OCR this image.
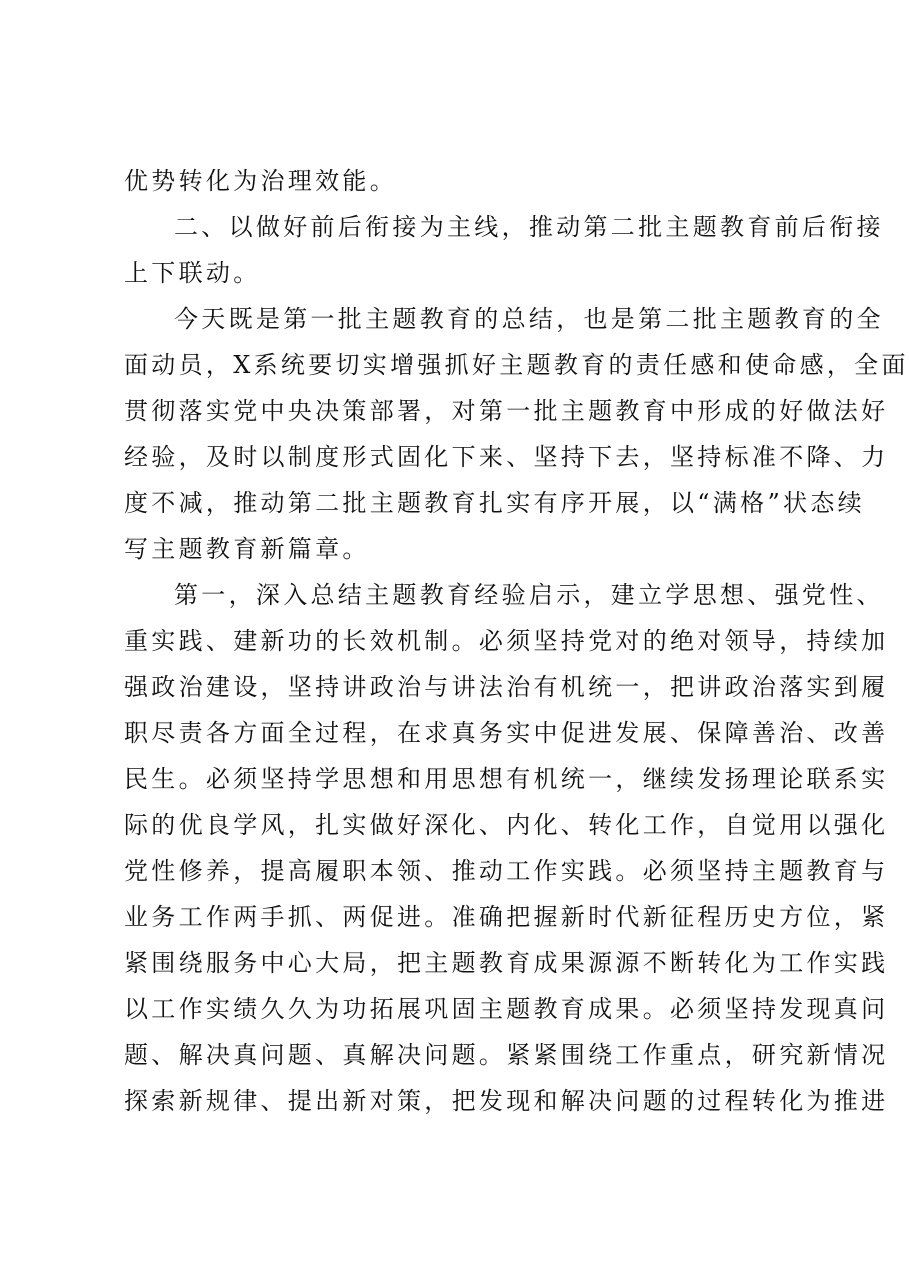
优势转化为治理效能。
二、以做好前后衔接为主线，推动第二批主题教育前后衔接
上下联动。
今天既是第一批主题教育的总结，也是第二批主题教育的全
面动员，X系统要切实增强抓好主题教育的责任感和使命感，全面
贯彻落实党中央决策部署，对第一批主题教育中形成的好做法好
经验，及时以制度形式固化下来、坚持下去，坚持标准不降、力
度不减，推动第二批主题教育扎实有序开展，以“满格”状态续
写主题教育新篇章。
第一，深入总结主题教育经验启示，建立学思想、强党性、
重实践、建新功的长效机制。必须坚持党对的绝对领导，持续加
强政治建设，坚持讲政治与讲法治有机统一，把讲政治落实到履
职尽责各方面全过程，在求真务实中促进发展、保障善治、改善
民生。必须坚持学思想和用思想有机统一，继续发扬理论联系实
际的优良学风，扎实做好深化、内化、转化工作，自觉用以强化
党性修养，提高履职本领、推动工作实践。必须坚持主题教育与
业务工作两手抓、两促进。准确把握新时代新征程历史方位，紧
紧围绕服务中心大局，把主题教育成果源源不断转化为工作实践
以工作实绩久久为功拓展巩固主题教育成果。必须坚持发现真问
题、解决真问题、真解决问题。紧紧围绕工作重点，研究新情况
探索新规律、提出新对策，把发现和解决问题的过程转化为推进
